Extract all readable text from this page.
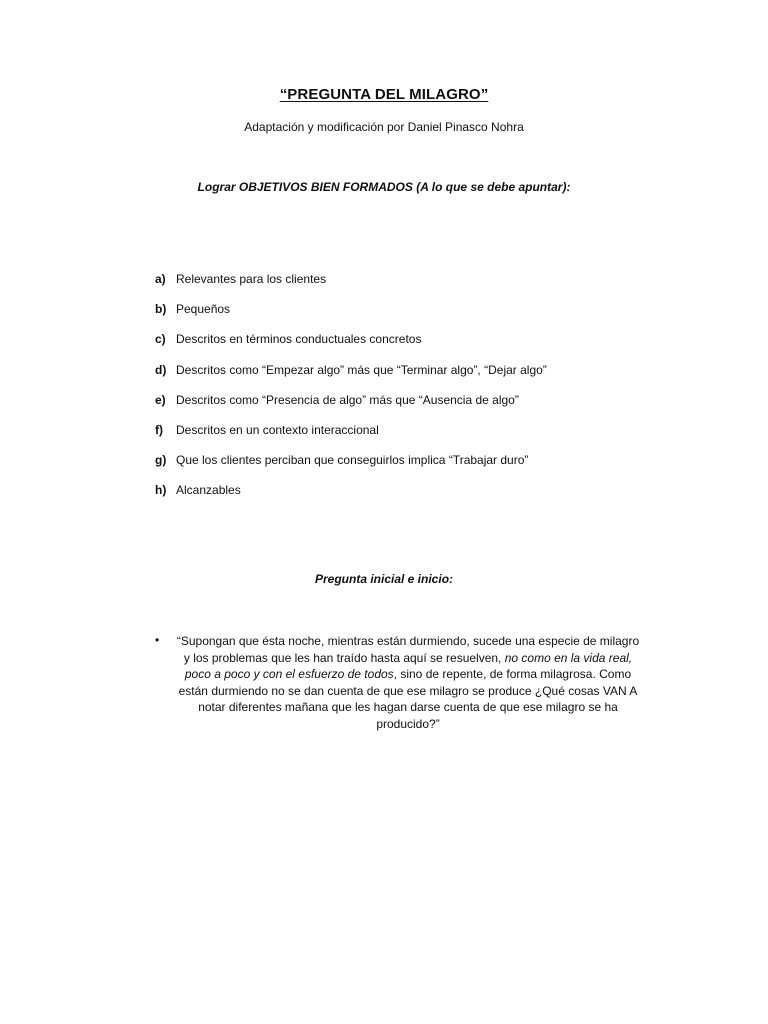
“PREGUNTA DEL MILAGRO”
Adaptación y modificación por Daniel Pinasco Nohra
Lograr OBJETIVOS BIEN FORMADOS (A lo que se debe apuntar):
a) Relevantes para los clientes
b) Pequeños
c) Descritos en términos conductuales concretos
d) Descritos como “Empezar algo” más que “Terminar algo”, “Dejar algo”
e) Descritos como “Presencia de algo” más que “Ausencia de algo”
f) Descritos en un contexto interaccional
g) Que los clientes perciban que conseguirlos implica “Trabajar duro”
h) Alcanzables
Pregunta inicial e inicio:
• “Supongan que ésta noche, mientras están durmiendo, sucede una especie de milagro y los problemas que les han traído hasta aquí se resuelven, no como en la vida real, poco a poco y con el esfuerzo de todos, sino de repente, de forma milagrosa. Como están durmiendo no se dan cuenta de que ese milagro se produce ¿Qué cosas VAN A notar diferentes mañana que les hagan darse cuenta de que ese milagro se ha producido?”
